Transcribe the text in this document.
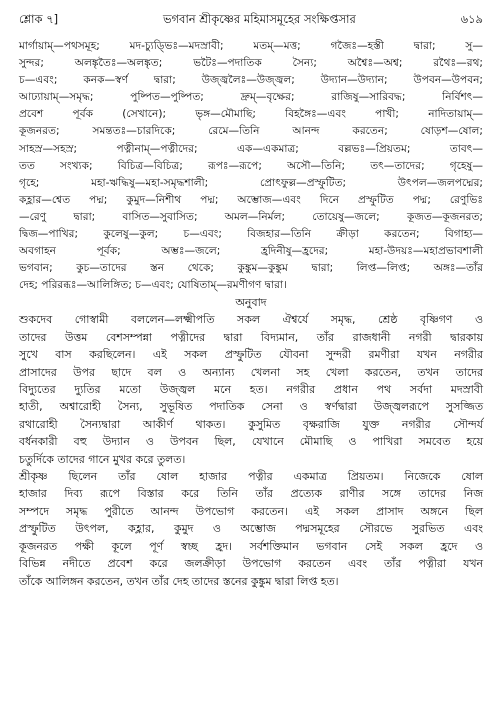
শ্লোক ৭]	ভগবান শ্রীকৃষ্ণের মহিমাসমূহের সংক্ষিপ্তসার	৬১৯

মার্গায়াম্—পথসমূহ; মদ-চ্যুড্ভিঃ—মদস্রাবী; মতম্—মত্ত; গজৈঃ—হস্তী দ্বারা; সু—

সুন্দর; অলঙ্কৃতৈঃ—অলঙ্কৃত; ভটৈঃ—পদাতিক সৈন্য; অশ্বৈঃ—অশ্ব; রথৈঃ—রথ;

চ—এবং; কনক—স্বর্ণ দ্বারা; উজ্জ্বলৈঃ—উজ্জ্বল; উদ্যান—উদ্যান; উপবন—উপবন;

আঢ্যায়াম্—সমৃদ্ধ; পুষ্পিত—পুষ্পিত; দ্রুম্—বৃক্ষের; রাজিষু—সারিবদ্ধ; নির্বিশৎ—

প্রবেশ পূর্বক (সেখানে); ভৃঙ্গ—মৌমাছি; বিহঙ্গৈঃ—এবং পাখী; নাদিতায়াম্—

কূজনরত; সমন্ততঃ—চারদিকে; রেমে—তিনি আনন্দ করতেন; ষোড়শ—ষোল;

সাহস্র—সহস্র; পত্নীনাম্—পত্নীদের; এক—একমাত্র; বল্লভঃ—প্রিয়তম; তাবৎ—

তত সংখ্যক; বিচিত্র—বিচিত্র; রূপঃ—রূপে; অসৌ—তিনি; তৎ—তাদের; গৃহেষু—

গৃহে; মহা-ঋদ্ধিষু—মহা-সমৃদ্ধশালী; প্রোৎফুল্ল—প্রস্ফুটিত; উৎপল—জলপদ্মের;

কহ্লার—শ্বেত পদ্ম; কুমুদ—নিশীথ পদ্ম; অম্ভোজ—এবং দিনে প্রস্ফুটিত পদ্ম; রেণুভিঃ

—রেণু দ্বারা; বাসিত—সুবাসিত; অমল—নির্মল; তোয়েষু—জলে; কূজত—কূজনরত;

দ্বিজ—পাখির; কুলেষু—কুল; চ—এবং; বিজহার—তিনি ক্রীড়া করতেন; বিগাহ্য—

অবগাহন পূর্বক; অম্ভঃ—জলে; হ্রদিনীষু—হ্রদের; মহা-উদয়ঃ—মহাপ্রভাবশালী

ভগবান; কুচ—তাদের স্তন থেকে; কুঙ্কুম—কুঙ্কুম দ্বারা; লিপ্ত—লিপ্ত; অঙ্গঃ—তাঁর

দেহ; পরিরব্ধঃ—আলিঙ্গিত; চ—এবং; যোষিতাম্—রমণীগণ দ্বারা।

অনুবাদ

শুকদেব গোস্বামী বললেন—লক্ষ্মীপতি সকল ঐশ্বর্যে সমৃদ্ধ, শ্রেষ্ঠ বৃষ্ণিগণ ও

তাদের উত্তম বেশসম্পন্না পত্নীদের দ্বারা বিদ্যমান, তাঁর রাজধানী নগরী দ্বারকায়

সুখে বাস করছিলেন। এই সকল প্রস্ফুটিত যৌবনা সুন্দরী রমণীরা যখন নগরীর

প্রাসাদের উপর ছাদে বল ও অন্যান্য খেলনা সহ খেলা করতেন, তখন তাদের

বিদ্যুতের দ্যুতির মতো উজ্জ্বল মনে হত। নগরীর প্রধান পথ সর্বদা মদস্রাবী

হাতী, অশ্বারোহী সৈন্য, সুভূষিত পদাতিক সেনা ও স্বর্ণদ্বারা উজ্জ্বলরূপে সুসজ্জিত

রথারোহী সৈন্যদ্বারা আকীর্ণ থাকত। কুসুমিত বৃক্ষরাজি যুক্ত নগরীর সৌন্দর্য

বর্ধনকারী বহু উদ্যান ও উপবন ছিল, যেখানে মৌমাছি ও পাখিরা সমবেত হয়ে

চতুর্দিকে তাদের গানে মুখর করে তুলত।

শ্রীকৃষ্ণ ছিলেন তাঁর ষোল হাজার পত্নীর একমাত্র প্রিয়তম। নিজেকে ষোল

হাজার দিব্য রূপে বিস্তার করে তিনি তাঁর প্রত্যেক রাণীর সঙ্গে তাদের নিজ

সম্পদে সমৃদ্ধ পুরীতে আনন্দ উপভোগ করতেন। এই সকল প্রাসাদ অঙ্গনে ছিল

প্রস্ফুটিত উৎপল, কহ্লার, কুমুদ ও অম্ভোজ পদ্মসমূহের সৌরভে সুরভিত এবং

কূজনরত পক্ষী কূলে পূর্ণ স্বচ্ছ হ্রদ। সর্বশক্তিমান ভগবান সেই সকল হ্রদে ও

বিভিন্ন নদীতে প্রবেশ করে জলক্রীড়া উপভোগ করতেন এবং তাঁর পত্নীরা যখন

তাঁকে আলিঙ্গন করতেন, তখন তাঁর দেহ তাদের স্তনের কুঙ্কুম দ্বারা লিপ্ত হত।
